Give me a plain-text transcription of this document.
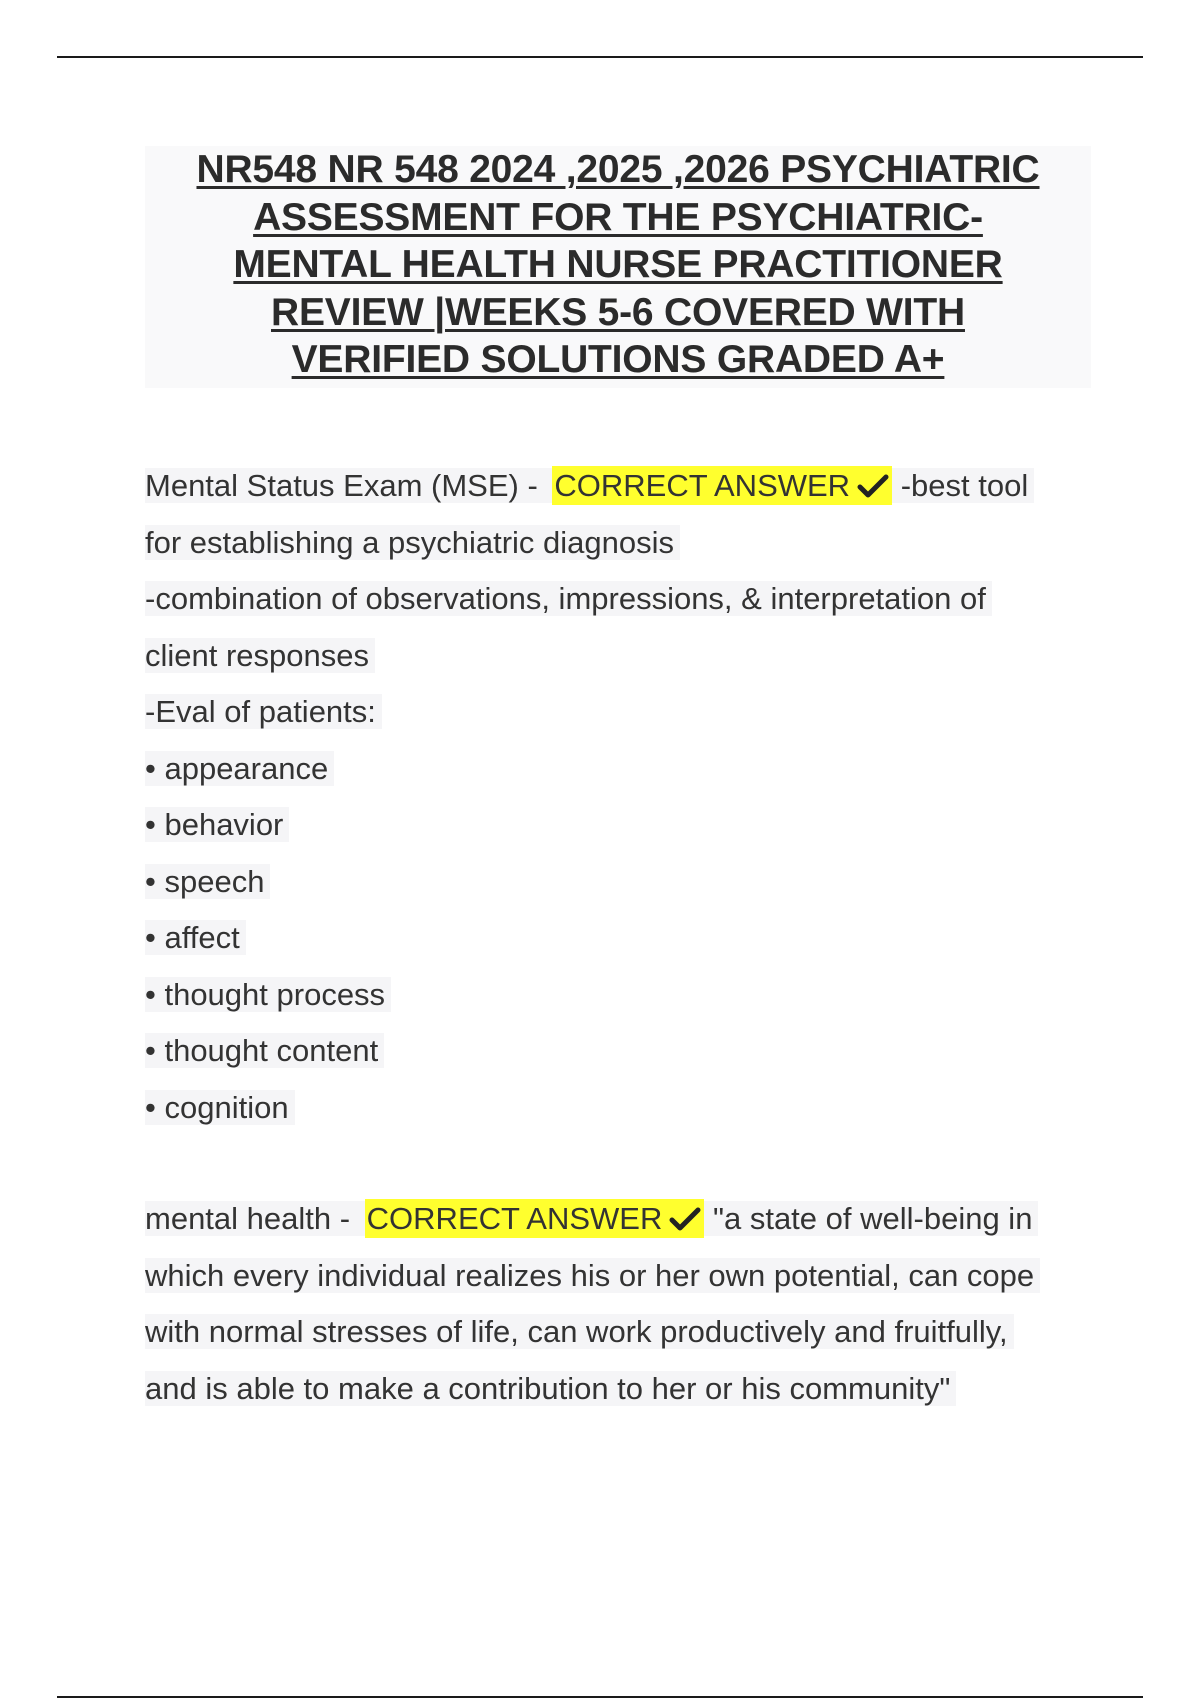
NR548 NR 548 2024 ,2025 ,2026 PSYCHIATRIC
ASSESSMENT FOR THE PSYCHIATRIC-
MENTAL HEALTH NURSE PRACTITIONER
REVIEW |WEEKS 5-6 COVERED WITH
VERIFIED SOLUTIONS GRADED A+
Mental Status Exam (MSE) - CORRECT ANSWER
-best tool
for establishing a psychiatric diagnosis
-combination of observations, impressions, & interpretation of
client responses
-Eval of patients:
• appearance
• behavior
• speech
• affect
• thought process
• thought content
• cognition
mental health - CORRECT ANSWER
"a state of well-being in
which every individual realizes his or her own potential, can cope
with normal stresses of life, can work productively and fruitfully,
and is able to make a contribution to her or his community"
